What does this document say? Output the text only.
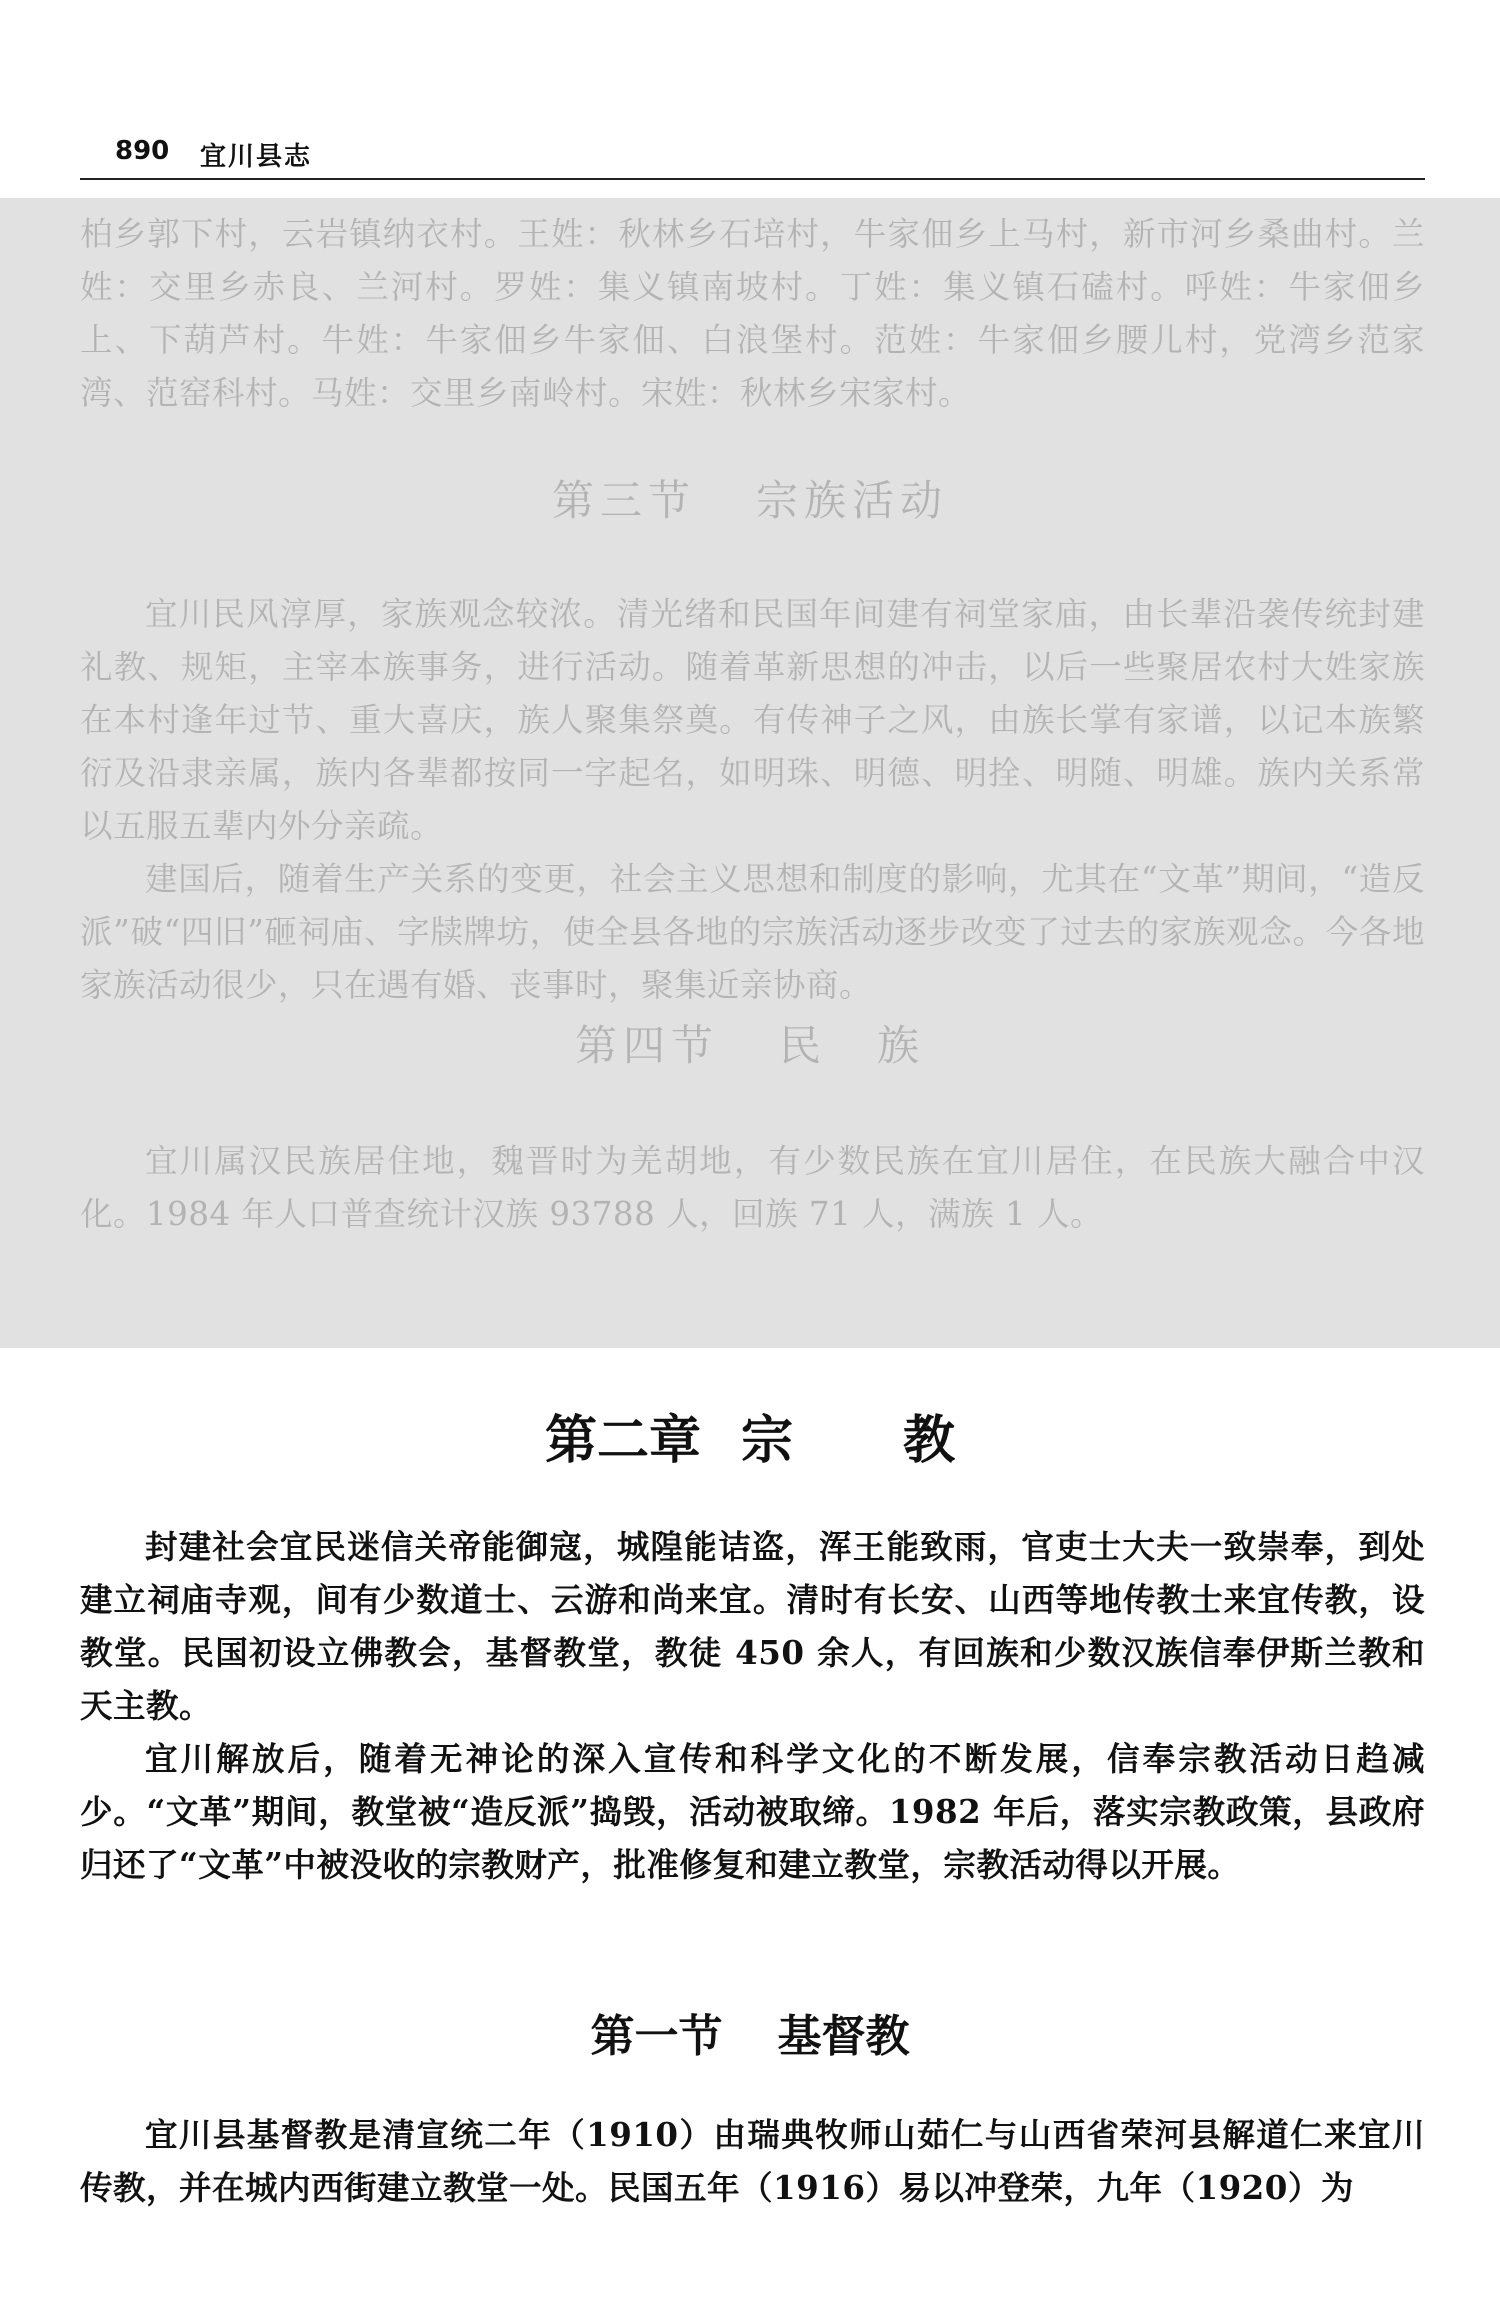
890 宜川县志
柏乡郭下村，云岩镇纳衣村。王姓：秋林乡石培村，牛家佃乡上马村，新市河乡桑曲村。兰姓：交里乡赤良、兰河村。罗姓：集义镇南坡村。丁姓：集义镇石磕村。呼姓：牛家佃乡上、下葫芦村。牛姓：牛家佃乡牛家佃、白浪堡村。范姓：牛家佃乡腰儿村，党湾乡范家湾、范窑科村。马姓：交里乡南岭村。宋姓：秋林乡宋家村。
第三节 宗族活动
宜川民风淳厚，家族观念较浓。清光绪和民国年间建有祠堂家庙，由长辈沿袭传统封建礼教、规矩，主宰本族事务，进行活动。随着革新思想的冲击，以后一些聚居农村大姓家族在本村逢年过节、重大喜庆，族人聚集祭奠。有传神子之风，由族长掌有家谱，以记本族繁衍及沿隶亲属，族内各辈都按同一字起名，如明珠、明德、明拴、明随、明雄。族内关系常以五服五辈内外分亲疏。
建国后，随着生产关系的变更，社会主义思想和制度的影响，尤其在“文革”期间，“造反派”破“四旧”砸祠庙、字牍牌坊，使全县各地的宗族活动逐步改变了过去的家族观念。今各地家族活动很少，只在遇有婚、丧事时，聚集近亲协商。
第四节 民 族
宜川属汉民族居住地，魏晋时为羌胡地，有少数民族在宜川居住，在民族大融合中汉化。1984 年人口普查统计汉族 93788 人，回族 71 人，满族 1 人。
第二章 宗 教
封建社会宜民迷信关帝能御寇，城隍能诘盗，浑王能致雨，官吏士大夫一致崇奉，到处建立祠庙寺观，间有少数道士、云游和尚来宜。清时有长安、山西等地传教士来宜传教，设教堂。民国初设立佛教会，基督教堂，教徒 450 余人，有回族和少数汉族信奉伊斯兰教和天主教。
宜川解放后，随着无神论的深入宣传和科学文化的不断发展，信奉宗教活动日趋减少。“文革”期间，教堂被“造反派”捣毁，活动被取缔。1982 年后，落实宗教政策，县政府归还了“文革”中被没收的宗教财产，批准修复和建立教堂，宗教活动得以开展。
第一节 基督教
宜川县基督教是清宣统二年（1910）由瑞典牧师山茹仁与山西省荣河县解道仁来宜川传教，并在城内西街建立教堂一处。民国五年（1916）易以冲登荣，九年（1920）为
